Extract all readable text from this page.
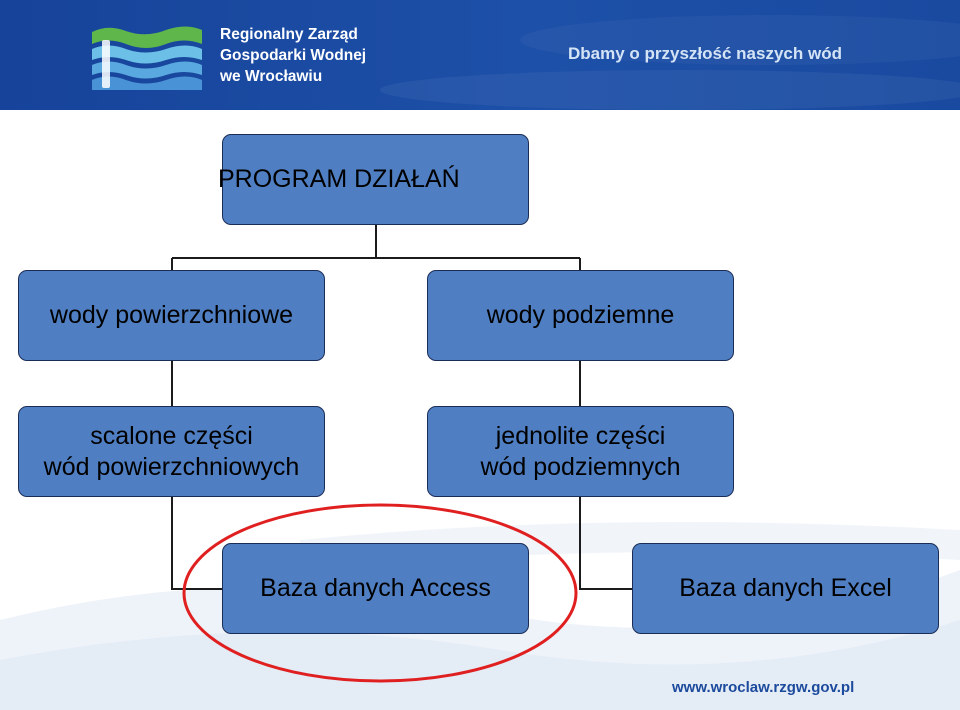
Regionalny Zarząd
Gospodarki Wodnej
we Wrocławiu
Dbamy o przyszłość naszych wód
PROGRAM DZIAŁAŃ
wody powierzchniowe	wody podziemne
scalone części
wód powierzchniowych
jednolite części
wód podziemnych
Baza danych Access	Baza danych Excel
www.wroclaw.rzgw.gov.pl
